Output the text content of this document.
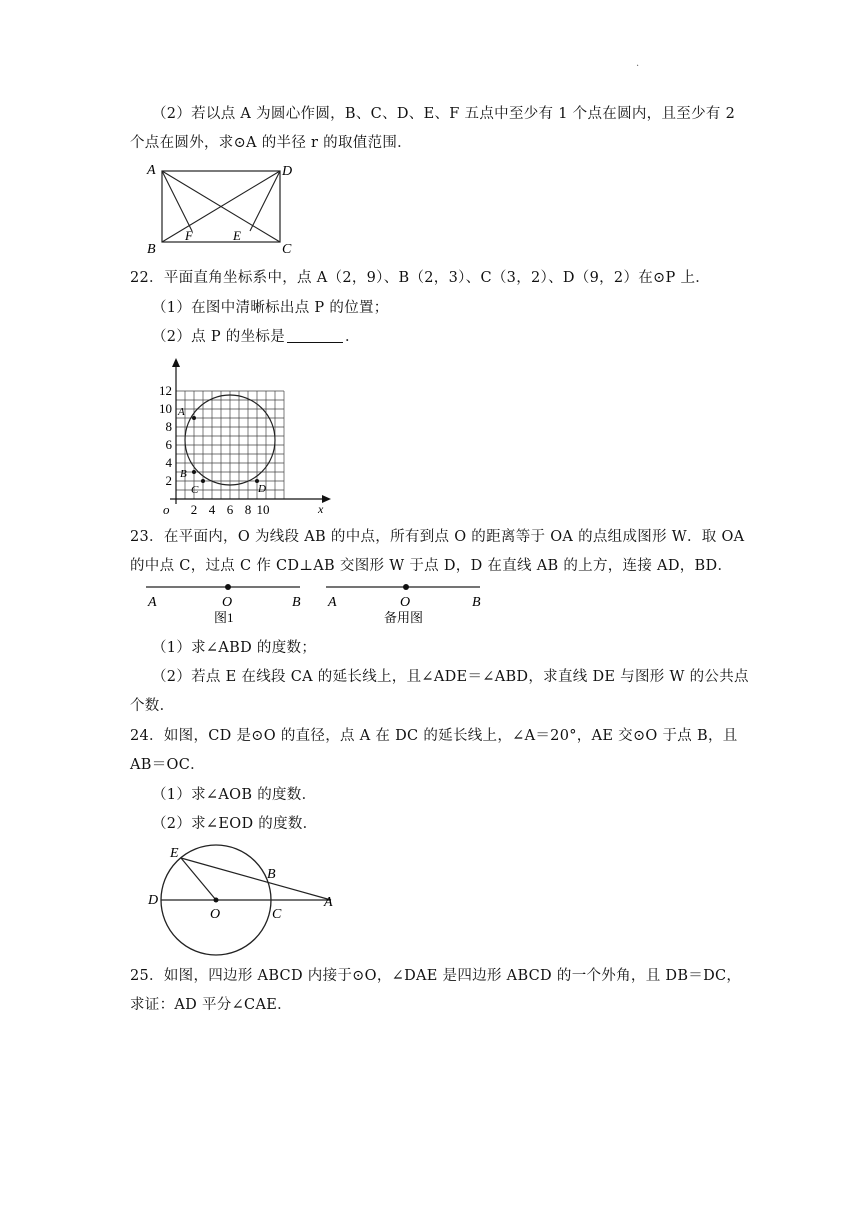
.
（2）若以点 A 为圆心作圆，B、C、D、E、F 五点中至少有 1 个点在圆内，且至少有 2
个点在圆外，求⊙A 的半径 r 的取值范围．
A	D
B	C
F	E
22．平面直角坐标系中，点 A（2，9）、B（2，3）、C（3，2）、D（9，2）在⊙P 上．
（1）在图中清晰标出点 P 的位置；
（2）点 P 的坐标是	．
12
10
8
6
4
2
2 4 6 8 10
o	x
A
B
C	D
23．在平面内，O 为线段 AB 的中点，所有到点 O 的距离等于 OA 的点组成图形 W．取 OA
的中点 C，过点 C 作 CD⊥AB 交图形 W 于点 D，D 在直线 AB 的上方，连接 AD，BD．
A	O	B
图1
A	O	B
备用图
（1）求∠ABD 的度数；
（2）若点 E 在线段 CA 的延长线上，且∠ADE＝∠ABD，求直线 DE 与图形 W 的公共点
个数．
24．如图，CD 是⊙O 的直径，点 A 在 DC 的延长线上，∠A＝20°，AE 交⊙O 于点 B，且
AB＝OC．
（1）求∠AOB 的度数．
（2）求∠EOD 的度数．
E
B
D
O	C
A
25．如图，四边形 ABCD 内接于⊙O，∠DAE 是四边形 ABCD 的一个外角，且 DB＝DC，
求证：AD 平分∠CAE．
